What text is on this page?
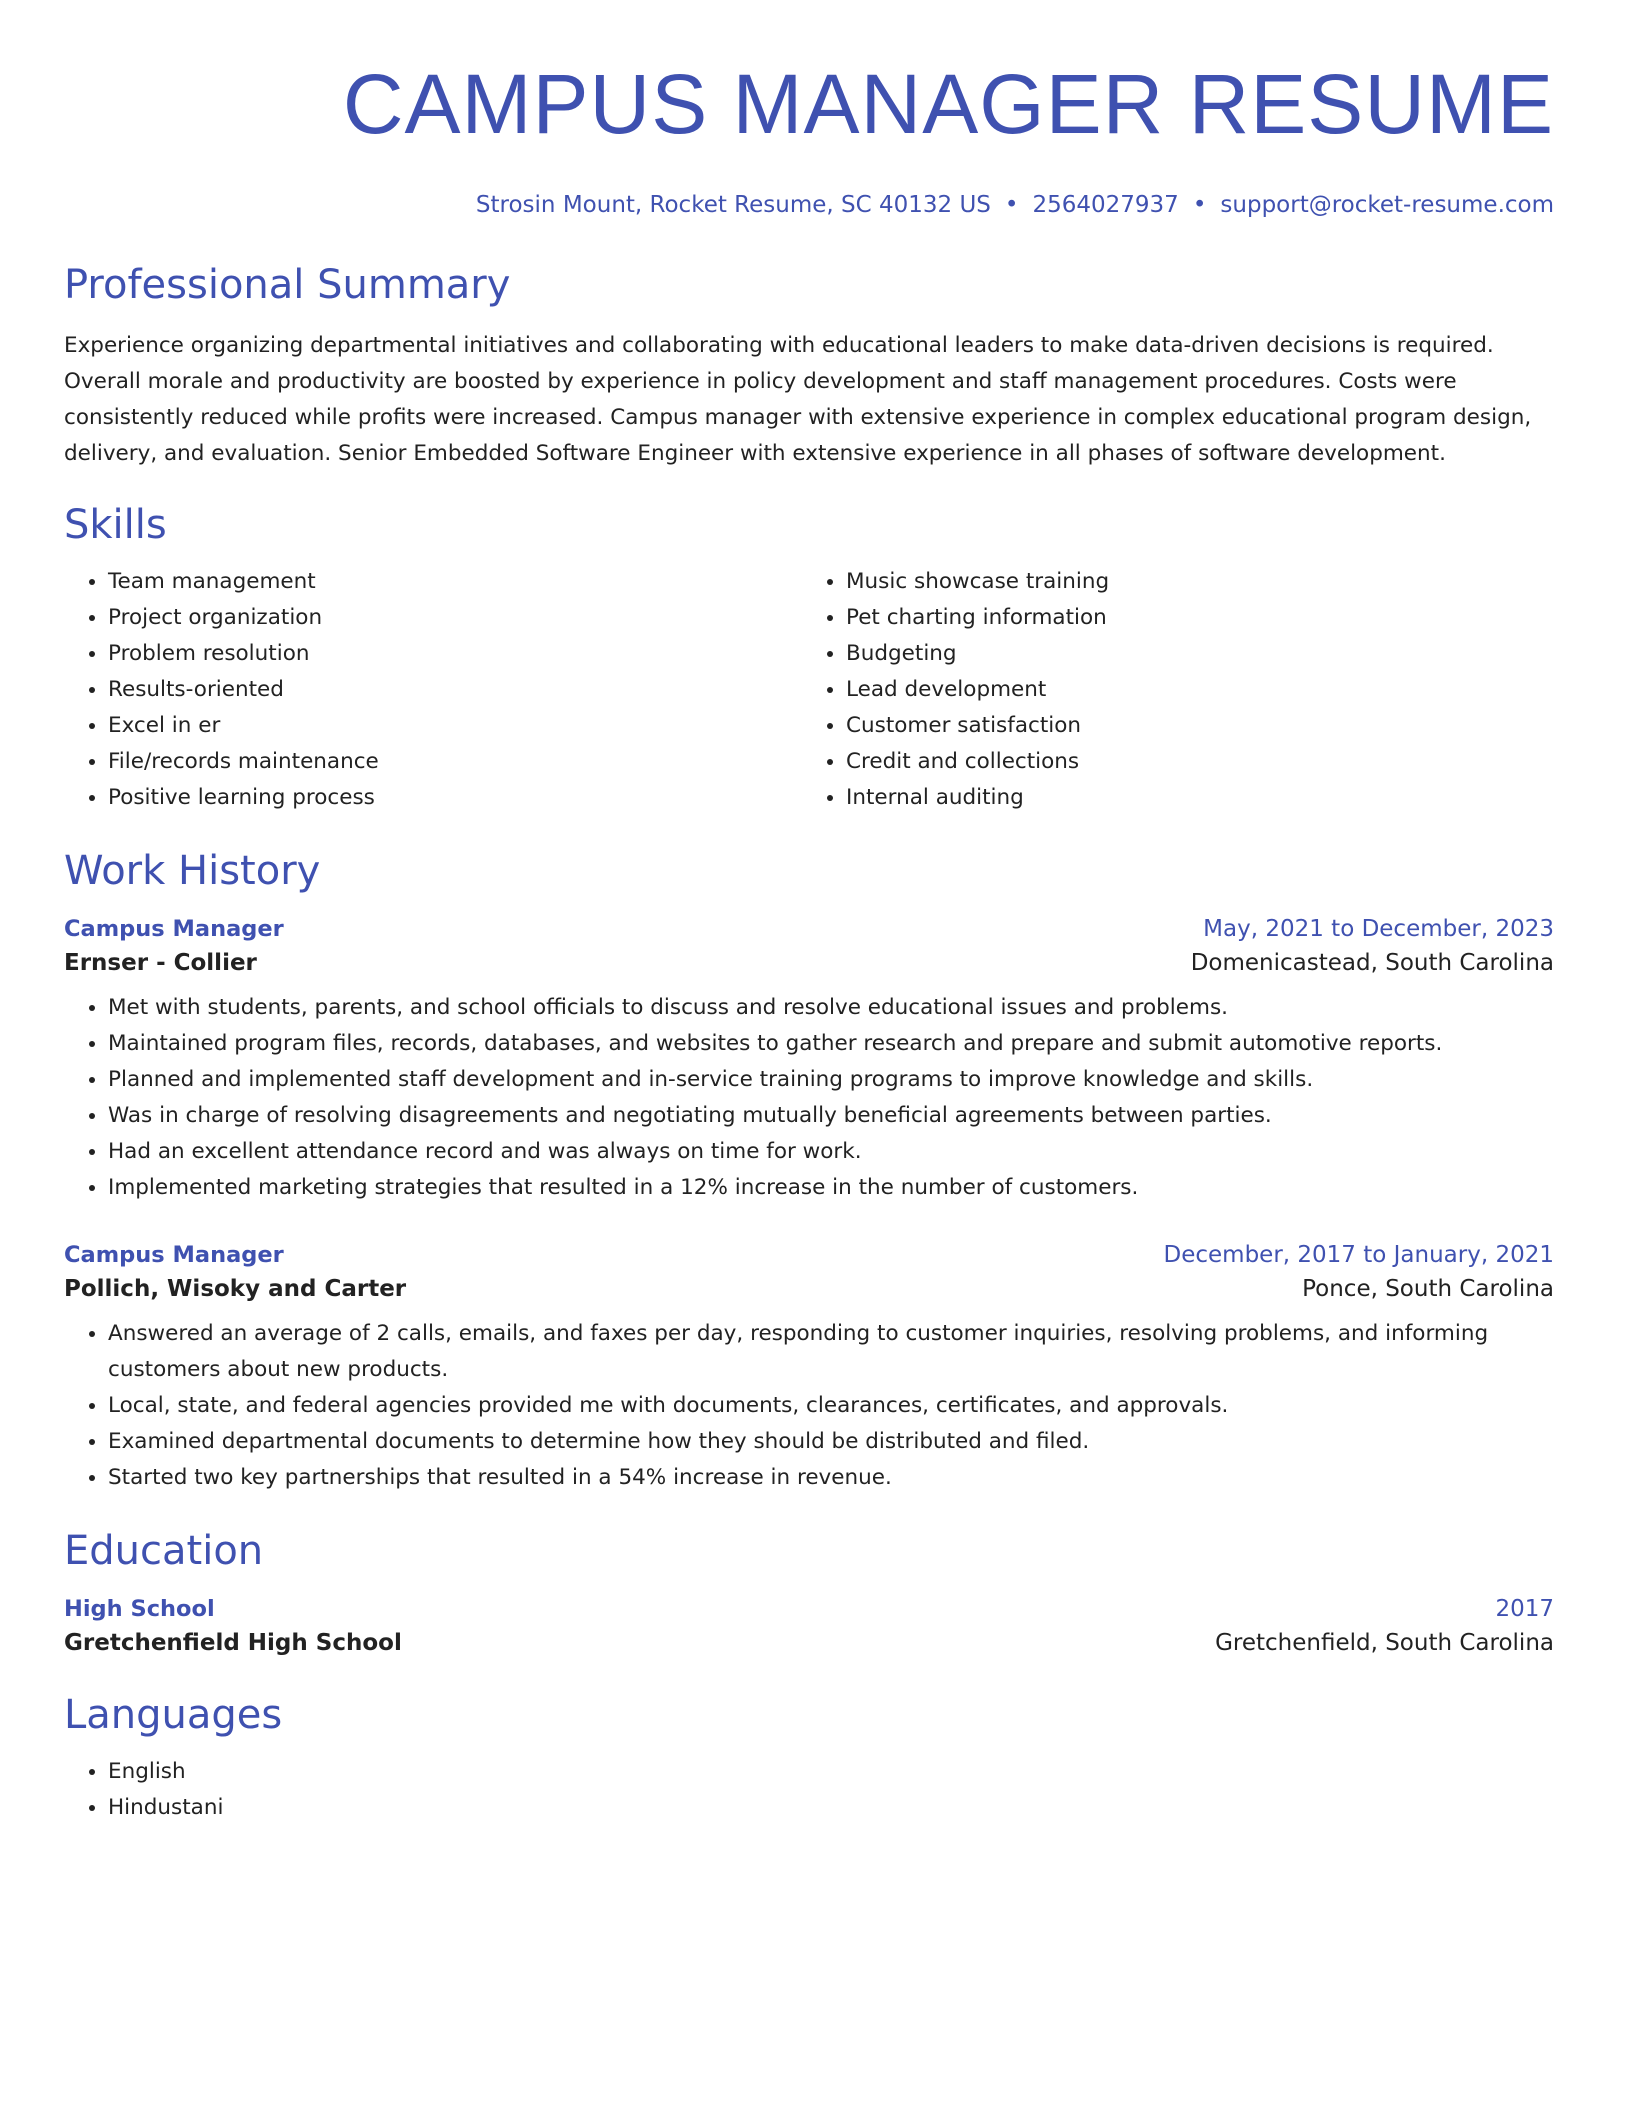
CAMPUS MANAGER RESUME
Strosin Mount, Rocket Resume, SC 40132 US • 2564027937 • support@rocket-resume.com
Professional Summary
Experience organizing departmental initiatives and collaborating with educational leaders to make data-driven decisions is required. Overall morale and productivity are boosted by experience in policy development and staff management procedures. Costs were consistently reduced while profits were increased. Campus manager with extensive experience in complex educational program design, delivery, and evaluation. Senior Embedded Software Engineer with extensive experience in all phases of software development.
Skills
• Team management
• Project organization
• Problem resolution
• Results-oriented
• Excel in er
• File/records maintenance
• Positive learning process
• Music showcase training
• Pet charting information
• Budgeting
• Lead development
• Customer satisfaction
• Credit and collections
• Internal auditing
Work History
Campus Manager	May, 2021 to December, 2023
Ernser - Collier	Domenicastead, South Carolina
• Met with students, parents, and school officials to discuss and resolve educational issues and problems.
• Maintained program files, records, databases, and websites to gather research and prepare and submit automotive reports.
• Planned and implemented staff development and in-service training programs to improve knowledge and skills.
• Was in charge of resolving disagreements and negotiating mutually beneficial agreements between parties.
• Had an excellent attendance record and was always on time for work.
• Implemented marketing strategies that resulted in a 12% increase in the number of customers.
Campus Manager	December, 2017 to January, 2021
Pollich, Wisoky and Carter	Ponce, South Carolina
• Answered an average of 2 calls, emails, and faxes per day, responding to customer inquiries, resolving problems, and informing customers about new products.
• Local, state, and federal agencies provided me with documents, clearances, certificates, and approvals.
• Examined departmental documents to determine how they should be distributed and filed.
• Started two key partnerships that resulted in a 54% increase in revenue.
Education
High School	2017
Gretchenfield High School	Gretchenfield, South Carolina
Languages
• English
• Hindustani
